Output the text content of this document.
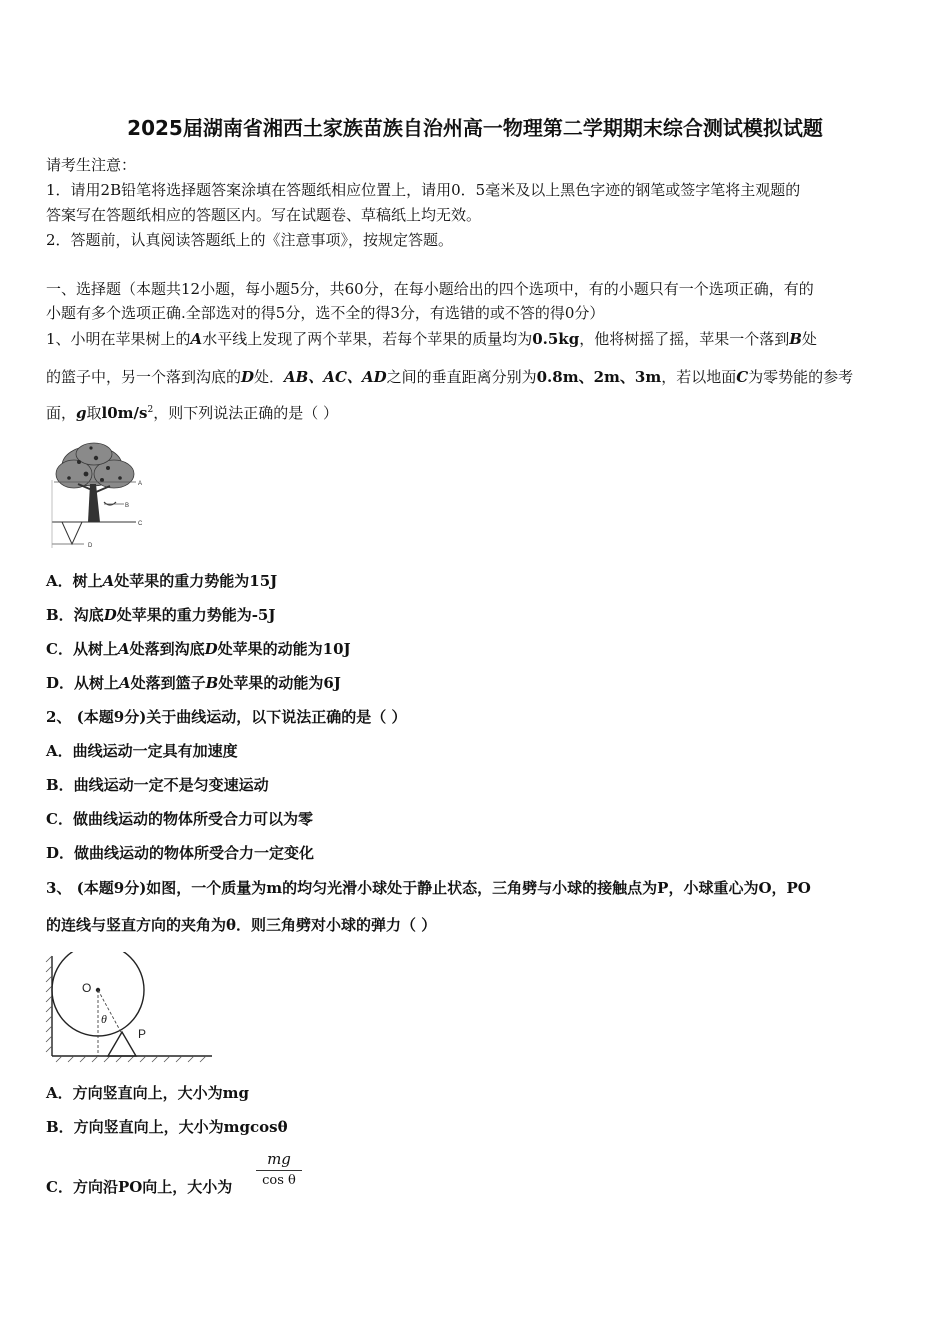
2025届湖南省湘西土家族苗族自治州高一物理第二学期期末综合测试模拟试题
请考生注意：
1．请用2B铅笔将选择题答案涂填在答题纸相应位置上，请用0．5毫米及以上黑色字迹的钢笔或签字笔将主观题的
答案写在答题纸相应的答题区内。写在试题卷、草稿纸上均无效。
2．答题前，认真阅读答题纸上的《注意事项》，按规定答题。
一、选择题（本题共12小题，每小题5分，共60分，在每小题给出的四个选项中，有的小题只有一个选项正确，有的
小题有多个选项正确.全部选对的得5分，选不全的得3分，有选错的或不答的得0分）
1、小明在苹果树上的A水平线上发现了两个苹果，若每个苹果的质量均为0.5kg，他将树摇了摇，苹果一个落到B处
的篮子中，另一个落到沟底的D处．AB、AC、AD之间的垂直距离分别为0.8m、2m、3m，若以地面C为零势能的参考
面，g取$l0m/s^2$，则下列说法正确的是（ ）
A
B
C
D
A．树上A处苹果的重力势能为15J
B．沟底D处苹果的重力势能为-5J
C．从树上A处落到沟底D处苹果的动能为10J
D．从树上A处落到篮子B处苹果的动能为6J
2、 (本题9分)关于曲线运动，以下说法正确的是（ ）
A．曲线运动一定具有加速度
B．曲线运动一定不是匀变速运动
C．做曲线运动的物体所受合力可以为零
D．做曲线运动的物体所受合力一定变化
3、 (本题9分)如图，一个质量为m的均匀光滑小球处于静止状态，三角劈与小球的接触点为P，小球重心为O，PO
的连线与竖直方向的夹角为θ．则三角劈对小球的弹力（ ）
O
θ
P
A．方向竖直向上，大小为mg
B．方向竖直向上，大小为mgcosθ
C．方向沿PO向上，大小为 $\frac{mg}{\text{cos θ}}$
